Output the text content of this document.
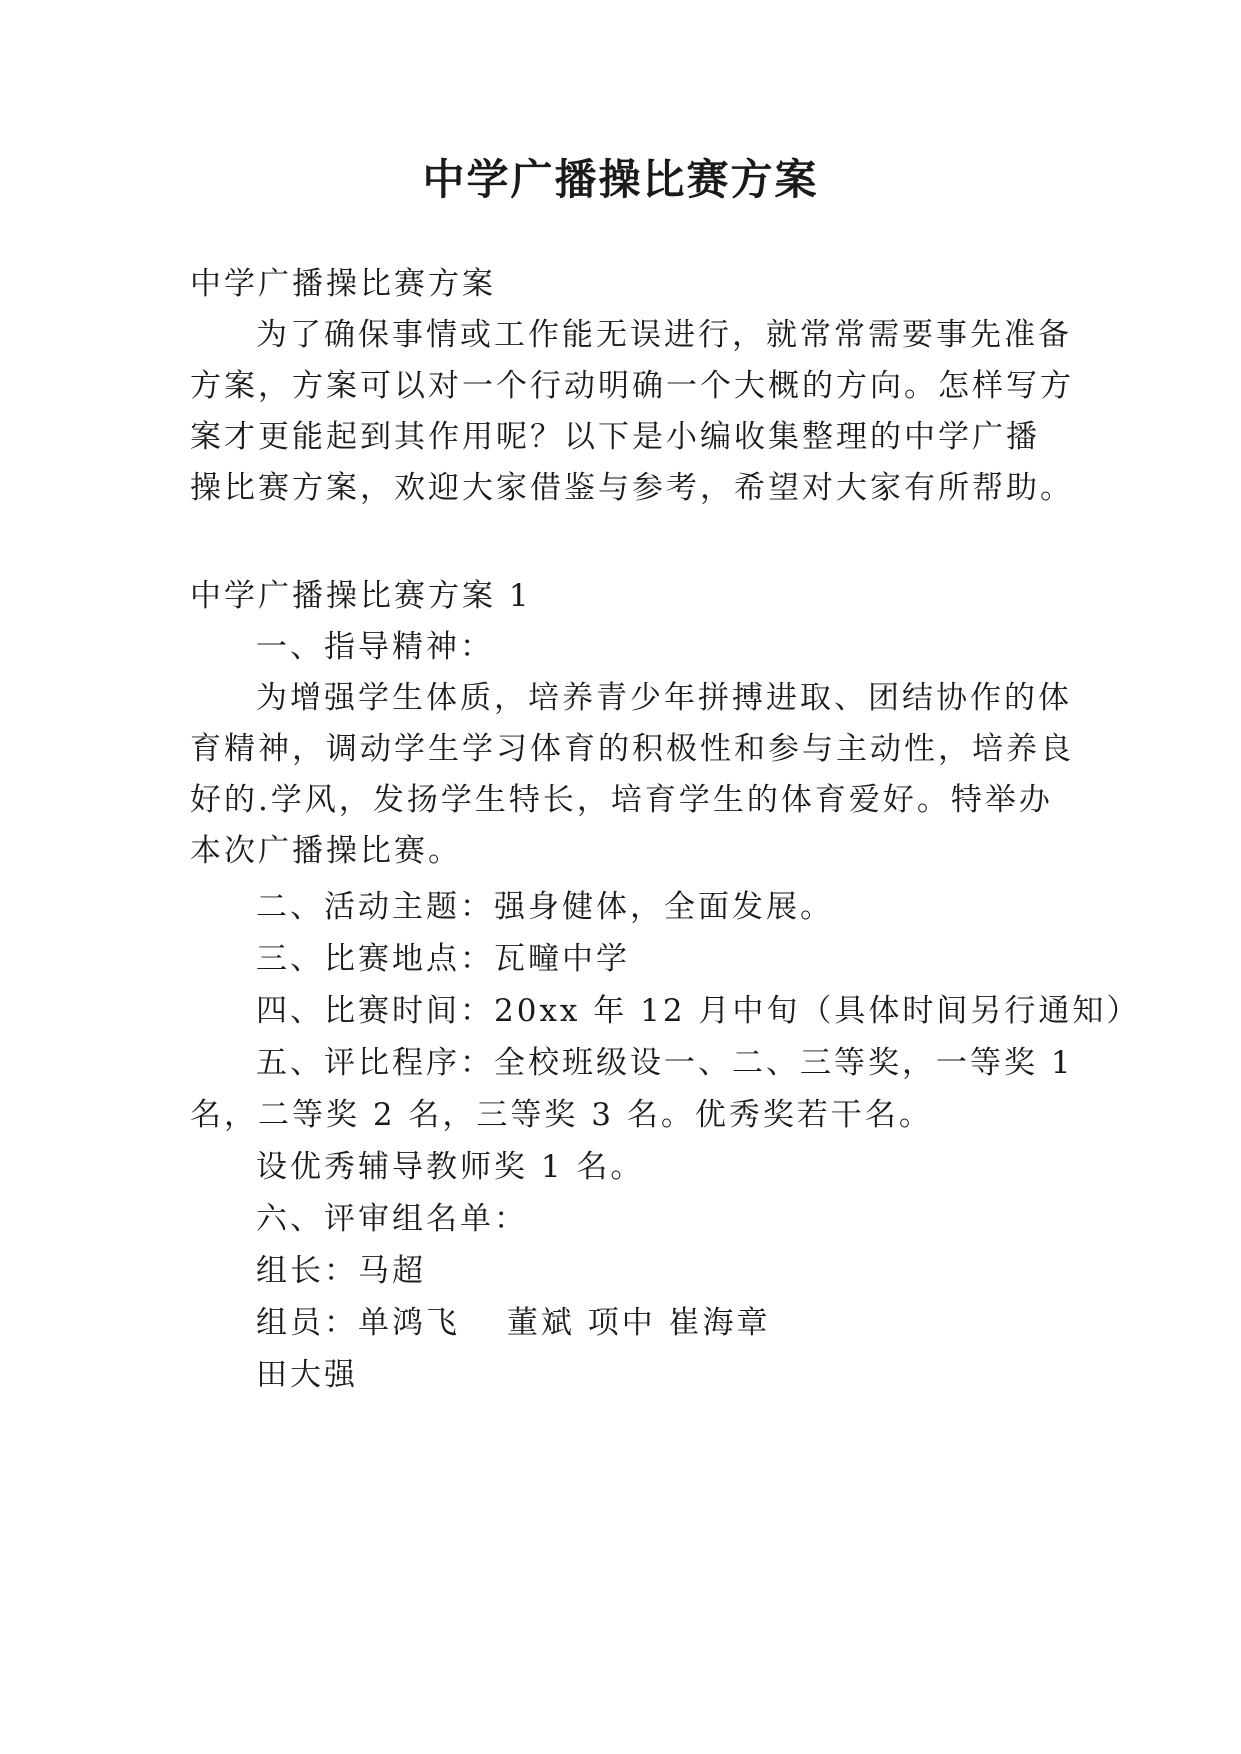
中学广播操比赛方案
中学广播操比赛方案
为了确保事情或工作能无误进行，就常常需要事先准备
方案，方案可以对一个行动明确一个大概的方向。怎样写方
案才更能起到其作用呢？以下是小编收集整理的中学广播
操比赛方案，欢迎大家借鉴与参考，希望对大家有所帮助。
中学广播操比赛方案 1
一、指导精神：
为增强学生体质，培养青少年拼搏进取、团结协作的体
育精神，调动学生学习体育的积极性和参与主动性，培养良
好的.学风，发扬学生特长，培育学生的体育爱好。特举办
本次广播操比赛。
二、活动主题：强身健体，全面发展。
三、比赛地点：瓦疃中学
四、比赛时间：20xx 年 12 月中旬（具体时间另行通知）
五、评比程序：全校班级设一、二、三等奖，一等奖 1
名，二等奖 2 名，三等奖 3 名。优秀奖若干名。
设优秀辅导教师奖 1 名。
六、评审组名单：
组长：马超
组员：单鸿飞　 董斌 项中 崔海章
田大强
